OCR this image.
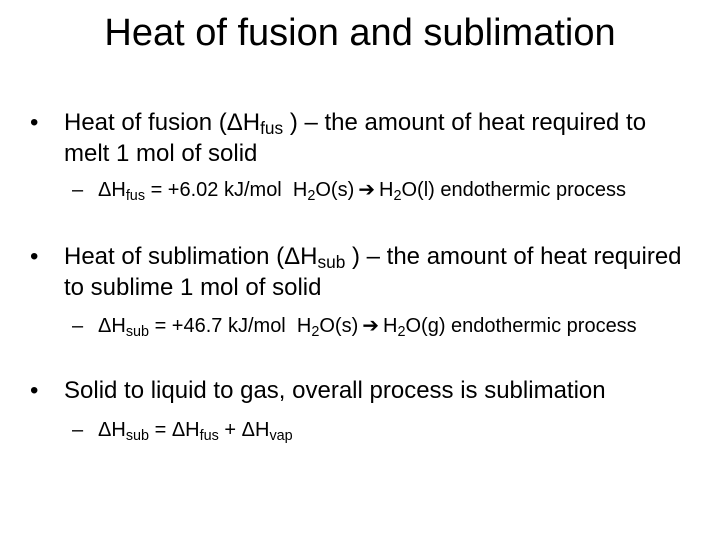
Heat of fusion and sublimation
•	Heat of fusion (ΔHfus ) – the amount of heat required to melt 1 mol of solid
– ΔHfus = +6.02 kJ/mol H2O(s) ➔ H2O(l) endothermic process
•	Heat of sublimation (ΔHsub ) – the amount of heat required to sublime 1 mol of solid
– ΔHsub = +46.7 kJ/mol H2O(s) ➔ H2O(g) endothermic process
•	Solid to liquid to gas, overall process is sublimation
– ΔHsub = ΔHfus + ΔHvap
